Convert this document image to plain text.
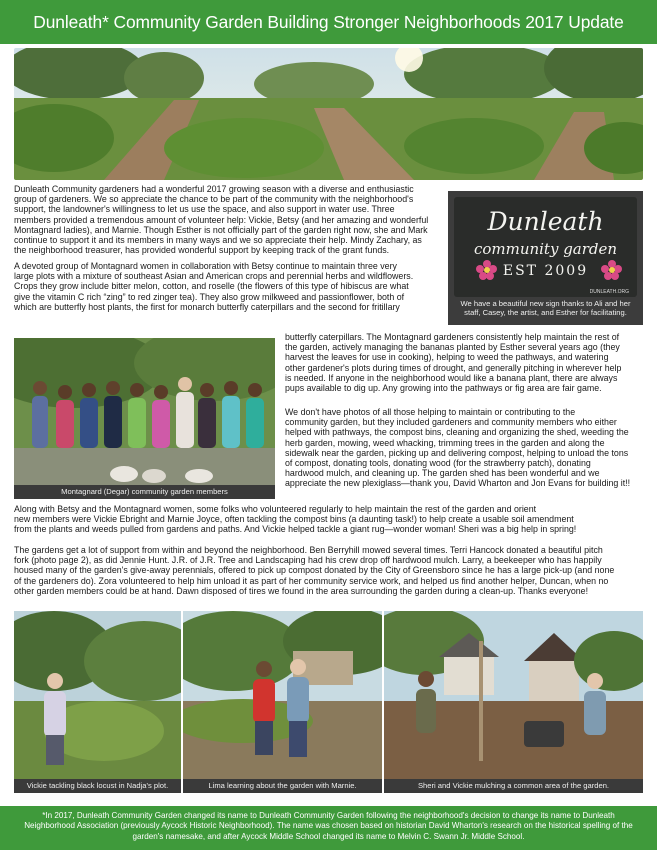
Dunleath* Community Garden Building Stronger Neighborhoods 2017 Update
Dunleath Community gardeners had a wonderful 2017 growing season with a diverse and enthusiastic
group of gardeners. We so appreciate the chance to be part of the community with the neighborhood's
support, the landowner's willingness to let us use the space, and also support in water use. Three
members provided a tremendous amount of volunteer help: Vickie, Betsy (and her amazing and wonderful
Montagnard ladies), and Marnie. Though Esther is not officially part of the garden right now, she and Mark
continue to support it and its members in many ways and we so appreciate their help. Mindy Zachary, as
the neighborhood treasurer, has provided wonderful support by keeping track of the grant funds.
A devoted group of Montagnard women in collaboration with Betsy continue to maintain three very
large plots with a mixture of southeast Asian and American crops and perennial herbs and wildflowers.
Crops they grow include bitter melon, cotton, and roselle (the flowers of this type of hibiscus are what
give the vitamin C rich “zing” to red zinger tea). They also grow milkweed and passionflower, both of
which are butterfly host plants, the first for monarch butterfly caterpillars and the second for fritillary
butterfly caterpillars. The Montagnard gardeners consistently help maintain the rest of
the garden, actively managing the bananas planted by Esther several years ago (they
harvest the leaves for use in cooking), helping to weed the pathways, and watering
other gardener's plots during times of drought, and generally pitching in wherever help
is needed. If anyone in the neighborhood would like a banana plant, there are always
pups available to dig up. Any growing into the pathways or fig area are fair game.
We don't have photos of all those helping to maintain or contributing to the
community garden, but they included gardeners and community members who either
helped with pathways, the compost bins, cleaning and organizing the shed, weeding the
herb garden, mowing, weed whacking, trimming trees in the garden and along the
sidewalk near the garden, picking up and delivering compost, helping to unload the tons
of compost, donating tools, donating wood (for the strawberry patch), donating
hardwood mulch, and cleaning up. The garden shed has been wonderful and we
appreciate the new plexiglass—thank you, David Wharton and Jon Evans for building it!!
Along with Betsy and the Montagnard women, some folks who volunteered regularly to help maintain the rest of the garden and orient
new members were Vickie Ebright and Marnie Joyce, often tackling the compost bins (a daunting task!) to help create a usable soil amendment
from the plants and weeds pulled from gardens and paths. And Vickie helped tackle a giant rug—wonder woman! Sheri was a big help in spring!
The gardens get a lot of support from within and beyond the neighborhood. Ben Berryhill mowed several times. Terri Hancock donated a beautiful pitch
fork (photo page 2), as did Jennie Hunt. J.R. of J.R. Tree and Landscaping had his crew drop off hardwood mulch. Larry, a beekeeper who has happily
housed many of the garden's give-away perennials, offered to pick up compost donated by the City of Greensboro since he has a large pick-up (and none
of the gardeners do). Zora volunteered to help him unload it as part of her community service work, and helped us find another helper, Duncan, when no
other garden members could be at hand. Dawn disposed of tires we found in the area surrounding the garden during a clean-up. Thanks everyone!
Dunleath
community garden
EST 2009
DUNLEATH.ORG
We have a beautiful new sign thanks to Ali and her staff, Casey, the artist, and Esther for facilitating.
Montagnard (Degar) community garden members
Vickie tackling black locust in Nadja's plot.	Lima learning about the garden with Marnie.	Sheri and Vickie mulching a common area of the garden.
*In 2017, Dunleath Community Garden changed its name to Dunleath Community Garden following the neighborhood's decision to change its name to Dunleath Neighborhood Association (previously Aycock Historic Neighborhood). The name was chosen based on historian David Wharton's research on the historical spelling of the garden's namesake, and after Aycock Middle School changed its name to Melvin C. Swann Jr. Middle School.
